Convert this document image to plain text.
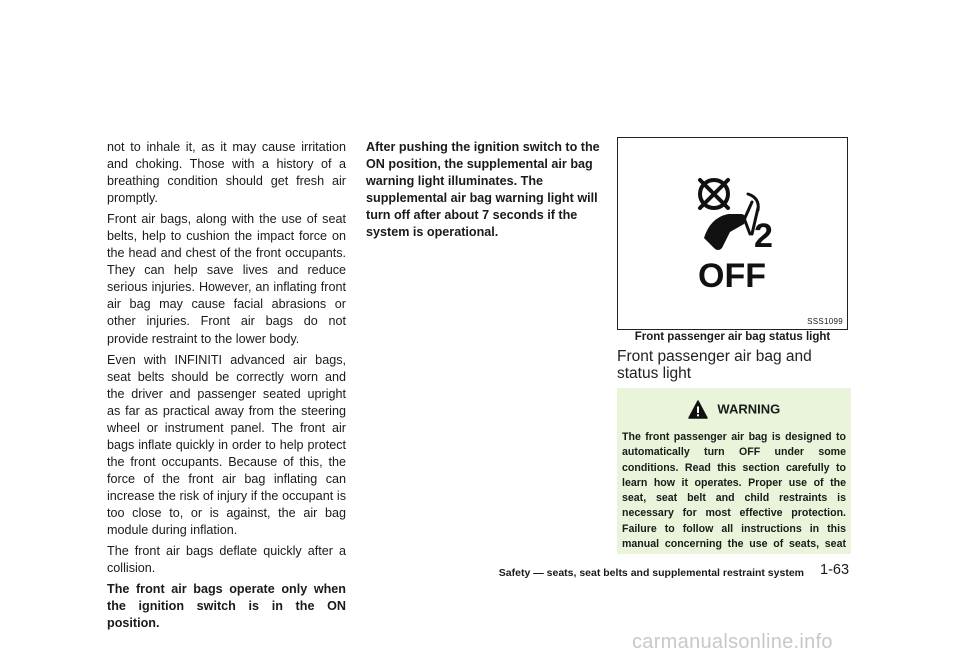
not to inhale it, as it may cause irritation and choking. Those with a history of a breathing condition should get fresh air promptly.

Front air bags, along with the use of seat belts, help to cushion the impact force on the head and chest of the front occupants. They can help save lives and reduce serious injuries. However, an inflating front air bag may cause facial abrasions or other injuries. Front air bags do not provide restraint to the lower body.

Even with INFINITI advanced air bags, seat belts should be correctly worn and the driver and passenger seated upright as far as practical away from the steering wheel or instrument panel. The front air bags inflate quickly in order to help protect the front occupants. Because of this, the force of the front air bag inflating can increase the risk of injury if the occupant is too close to, or is against, the air bag module during inflation.

The front air bags deflate quickly after a collision.

The front air bags operate only when the ignition switch is in the ON position.

After pushing the ignition switch to the ON position, the supplemental air bag warning light illuminates. The supplemental air bag warning light will turn off after about 7 seconds if the system is operational.	2
OFF
SSS1099
Front passenger air bag status light
Front passenger air bag and status light
WARNING

The front passenger air bag is designed to automatically turn OFF under some conditions. Read this section carefully to learn how it operates. Proper use of the seat, seat belt and child restraints is necessary for most effective protection. Failure to follow all instructions in this manual concerning the use of seats, seat

Safety — seats, seat belts and supplemental restraint system 1-63
carmanualsonline.info
